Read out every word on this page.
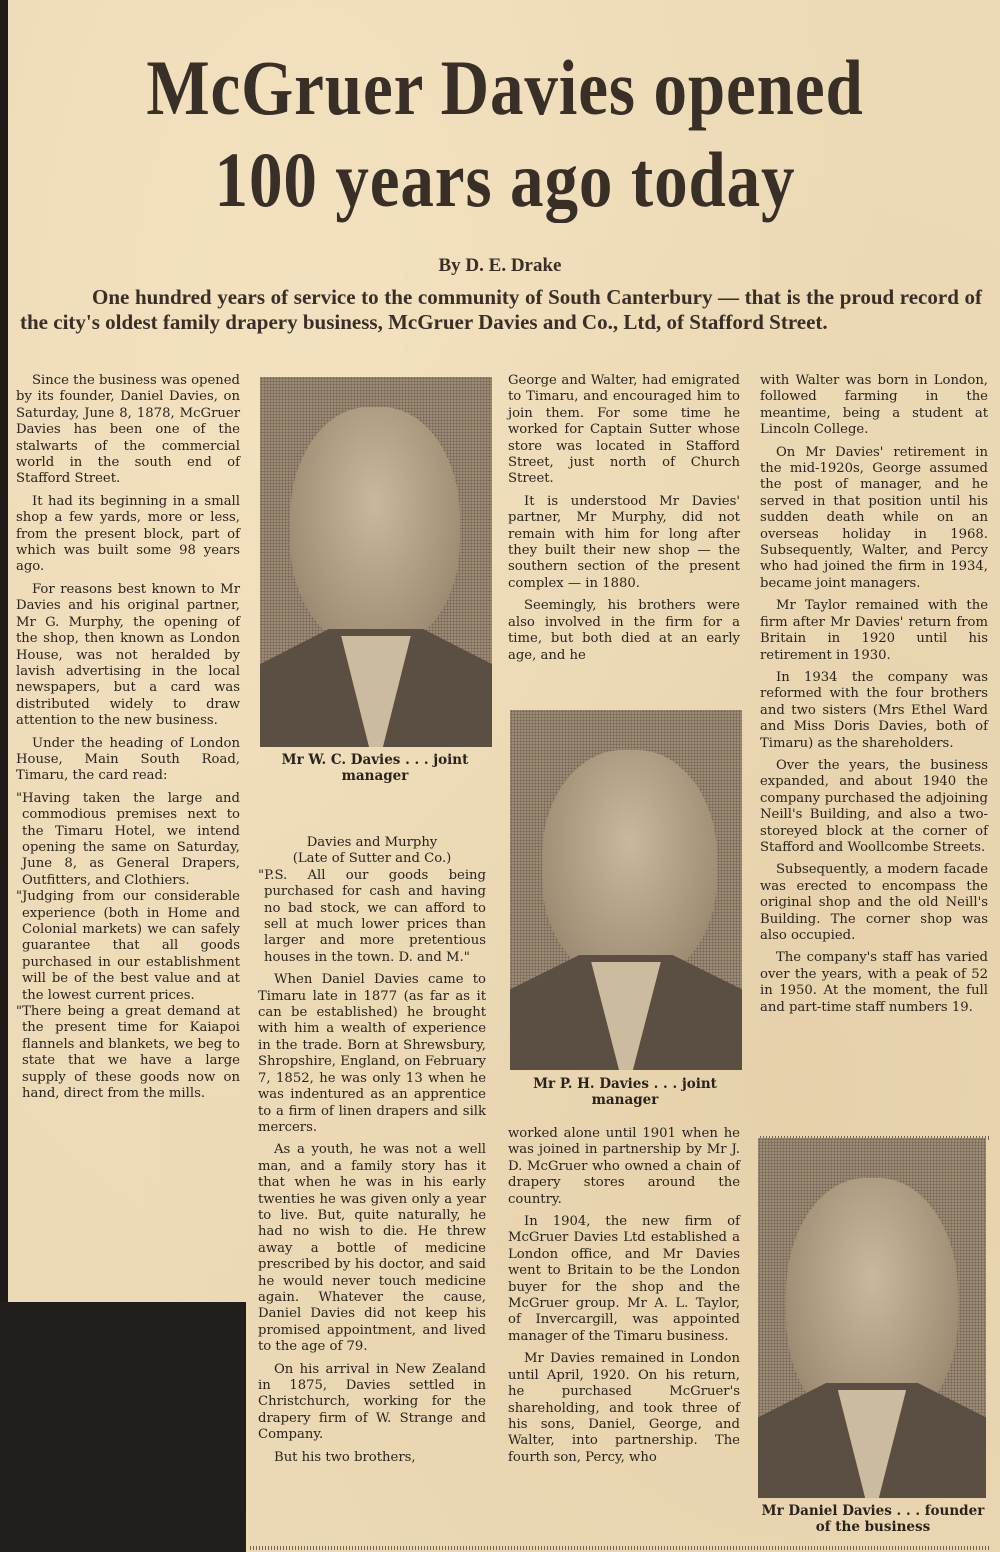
McGruer Davies opened
100 years ago today
By D. E. Drake
One hundred years of service to the community of South Canterbury — that is the proud record of the city's oldest family drapery business, McGruer Davies and Co., Ltd, of Stafford Street.

Since the business was opened by its founder, Daniel Davies, on Saturday, June 8, 1878, McGruer Davies has been one of the stalwarts of the commercial world in the south end of Stafford Street.

It had its beginning in a small shop a few yards, more or less, from the present block, part of which was built some 98 years ago.

For reasons best known to Mr Davies and his original partner, Mr G. Murphy, the opening of the shop, then known as London House, was not heralded by lavish advertising in the local newspapers, but a card was distributed widely to draw attention to the new business.

Under the heading of London House, Main South Road, Timaru, the card read:

"Having taken the large and commodious premises next to the Timaru Hotel, we intend opening the same on Saturday, June 8, as General Drapers, Outfitters, and Clothiers.

"Judging from our considerable experience (both in Home and Colonial markets) we can safely guarantee that all goods purchased in our establishment will be of the best value and at the lowest current prices.

"There being a great demand at the present time for Kaiapoi flannels and blankets, we beg to state that we have a large supply of these goods now on hand, direct from the mills.

Mr W. C. Davies . . . joint manager

Davies and Murphy

(Late of Sutter and Co.)

"P.S. All our goods being purchased for cash and having no bad stock, we can afford to sell at much lower prices than larger and more pretentious houses in the town. D. and M."

When Daniel Davies came to Timaru late in 1877 (as far as it can be established) he brought with him a wealth of experience in the trade. Born at Shrewsbury, Shropshire, England, on February 7, 1852, he was only 13 when he was indentured as an apprentice to a firm of linen drapers and silk mercers.

As a youth, he was not a well man, and a family story has it that when he was in his early twenties he was given only a year to live. But, quite naturally, he had no wish to die. He threw away a bottle of medicine prescribed by his doctor, and said he would never touch medicine again. Whatever the cause, Daniel Davies did not keep his promised appointment, and lived to the age of 79.

On his arrival in New Zealand in 1875, Davies settled in Christchurch, working for the drapery firm of W. Strange and Company.

But his two brothers,

George and Walter, had emigrated to Timaru, and encouraged him to join them. For some time he worked for Captain Sutter whose store was located in Stafford Street, just north of Church Street.

It is understood Mr Davies' partner, Mr Murphy, did not remain with him for long after they built their new shop — the southern section of the present complex — in 1880.

Seemingly, his brothers were also involved in the firm for a time, but both died at an early age, and he

Mr P. H. Davies . . . joint manager

worked alone until 1901 when he was joined in partnership by Mr J. D. McGruer who owned a chain of drapery stores around the country.

In 1904, the new firm of McGruer Davies Ltd established a London office, and Mr Davies went to Britain to be the London buyer for the shop and the McGruer group. Mr A. L. Taylor, of Invercargill, was appointed manager of the Timaru business.

Mr Davies remained in London until April, 1920. On his return, he purchased McGruer's shareholding, and took three of his sons, Daniel, George, and Walter, into partnership. The fourth son, Percy, who

with Walter was born in London, followed farming in the meantime, being a student at Lincoln College.

On Mr Davies' retirement in the mid-1920s, George assumed the post of manager, and he served in that position until his sudden death while on an overseas holiday in 1968. Subsequently, Walter, and Percy who had joined the firm in 1934, became joint managers.

Mr Taylor remained with the firm after Mr Davies' return from Britain in 1920 until his retirement in 1930.

In 1934 the company was reformed with the four brothers and two sisters (Mrs Ethel Ward and Miss Doris Davies, both of Timaru) as the shareholders.

Over the years, the business expanded, and about 1940 the company purchased the adjoining Neill's Building, and also a two-storeyed block at the corner of Stafford and Woollcombe Streets.

Subsequently, a modern facade was erected to encompass the original shop and the old Neill's Building. The corner shop was also occupied.

The company's staff has varied over the years, with a peak of 52 in 1950. At the moment, the full and part-time staff numbers 19.

Mr Daniel Davies . . . founder of the business
